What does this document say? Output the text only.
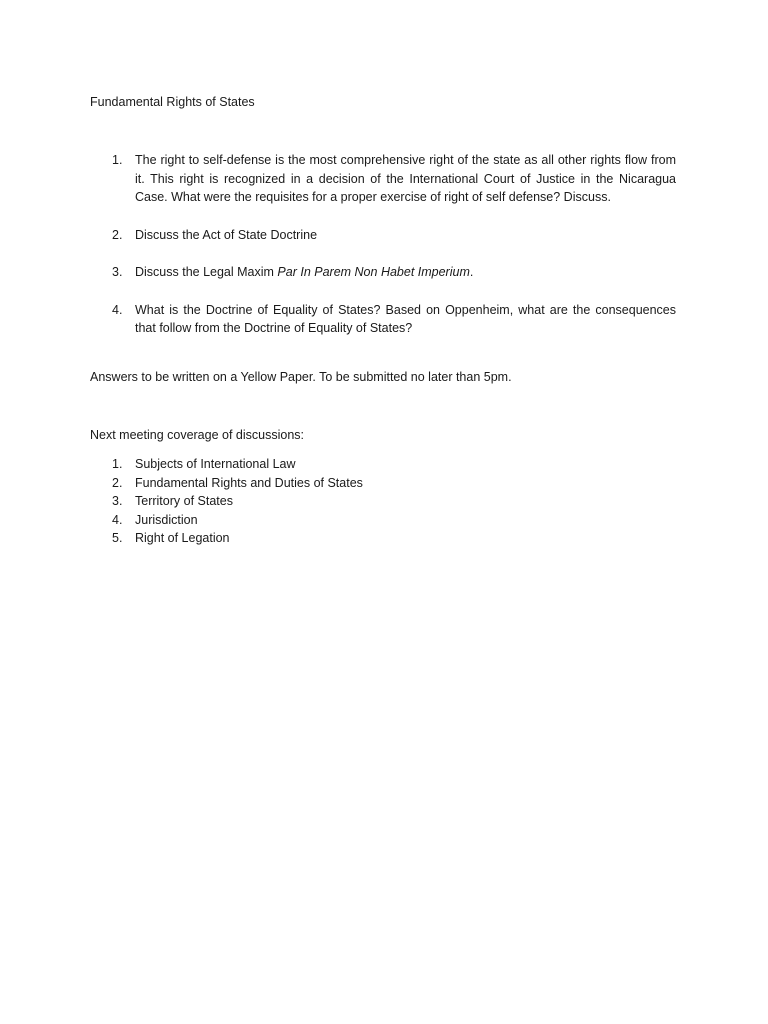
Fundamental Rights of States

1. The right to self-defense is the most comprehensive right of the state as all other rights flow from it. This right is recognized in a decision of the International Court of Justice in the Nicaragua Case. What were the requisites for a proper exercise of right of self defense? Discuss.
2. Discuss the Act of State Doctrine
3. Discuss the Legal Maxim Par In Parem Non Habet Imperium.
4. What is the Doctrine of Equality of States? Based on Oppenheim, what are the consequences that follow from the Doctrine of Equality of States?

Answers to be written on a Yellow Paper. To be submitted no later than 5pm.

Next meeting coverage of discussions:

1. Subjects of International Law
2. Fundamental Rights and Duties of States
3. Territory of States
4. Jurisdiction
5. Right of Legation
